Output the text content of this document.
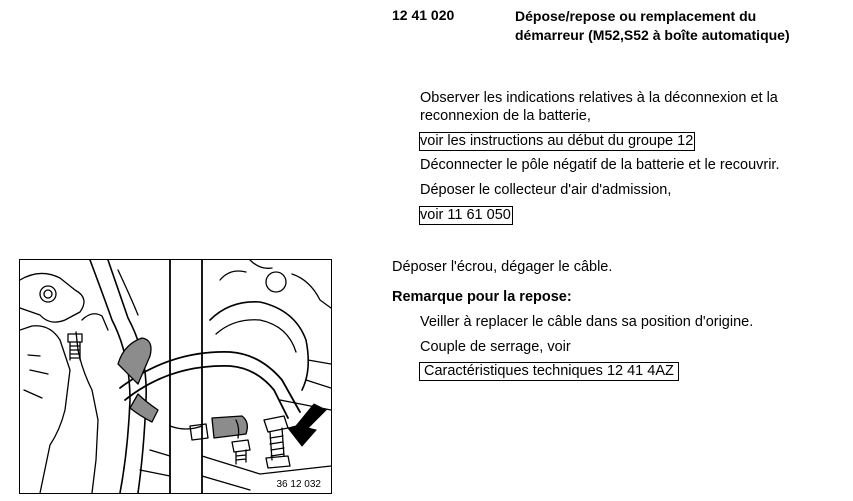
12 41 020	Dépose/repose ou remplacement du
démarreur (M52,S52 à boîte automatique)
Observer les indications relatives à la déconnexion et la
reconnexion de la batterie,
voir les instructions au début du groupe 12
Déconnecter le pôle négatif de la batterie et le recouvrir.
Déposer le collecteur d'air d'admission,
voir 11 61 050
Déposer l'écrou, dégager le câble.
Remarque pour la repose:
Veiller à replacer le câble dans sa position d'origine.
Couple de serrage, voir
Caractéristiques techniques 12 41 4AZ
36 12 032
